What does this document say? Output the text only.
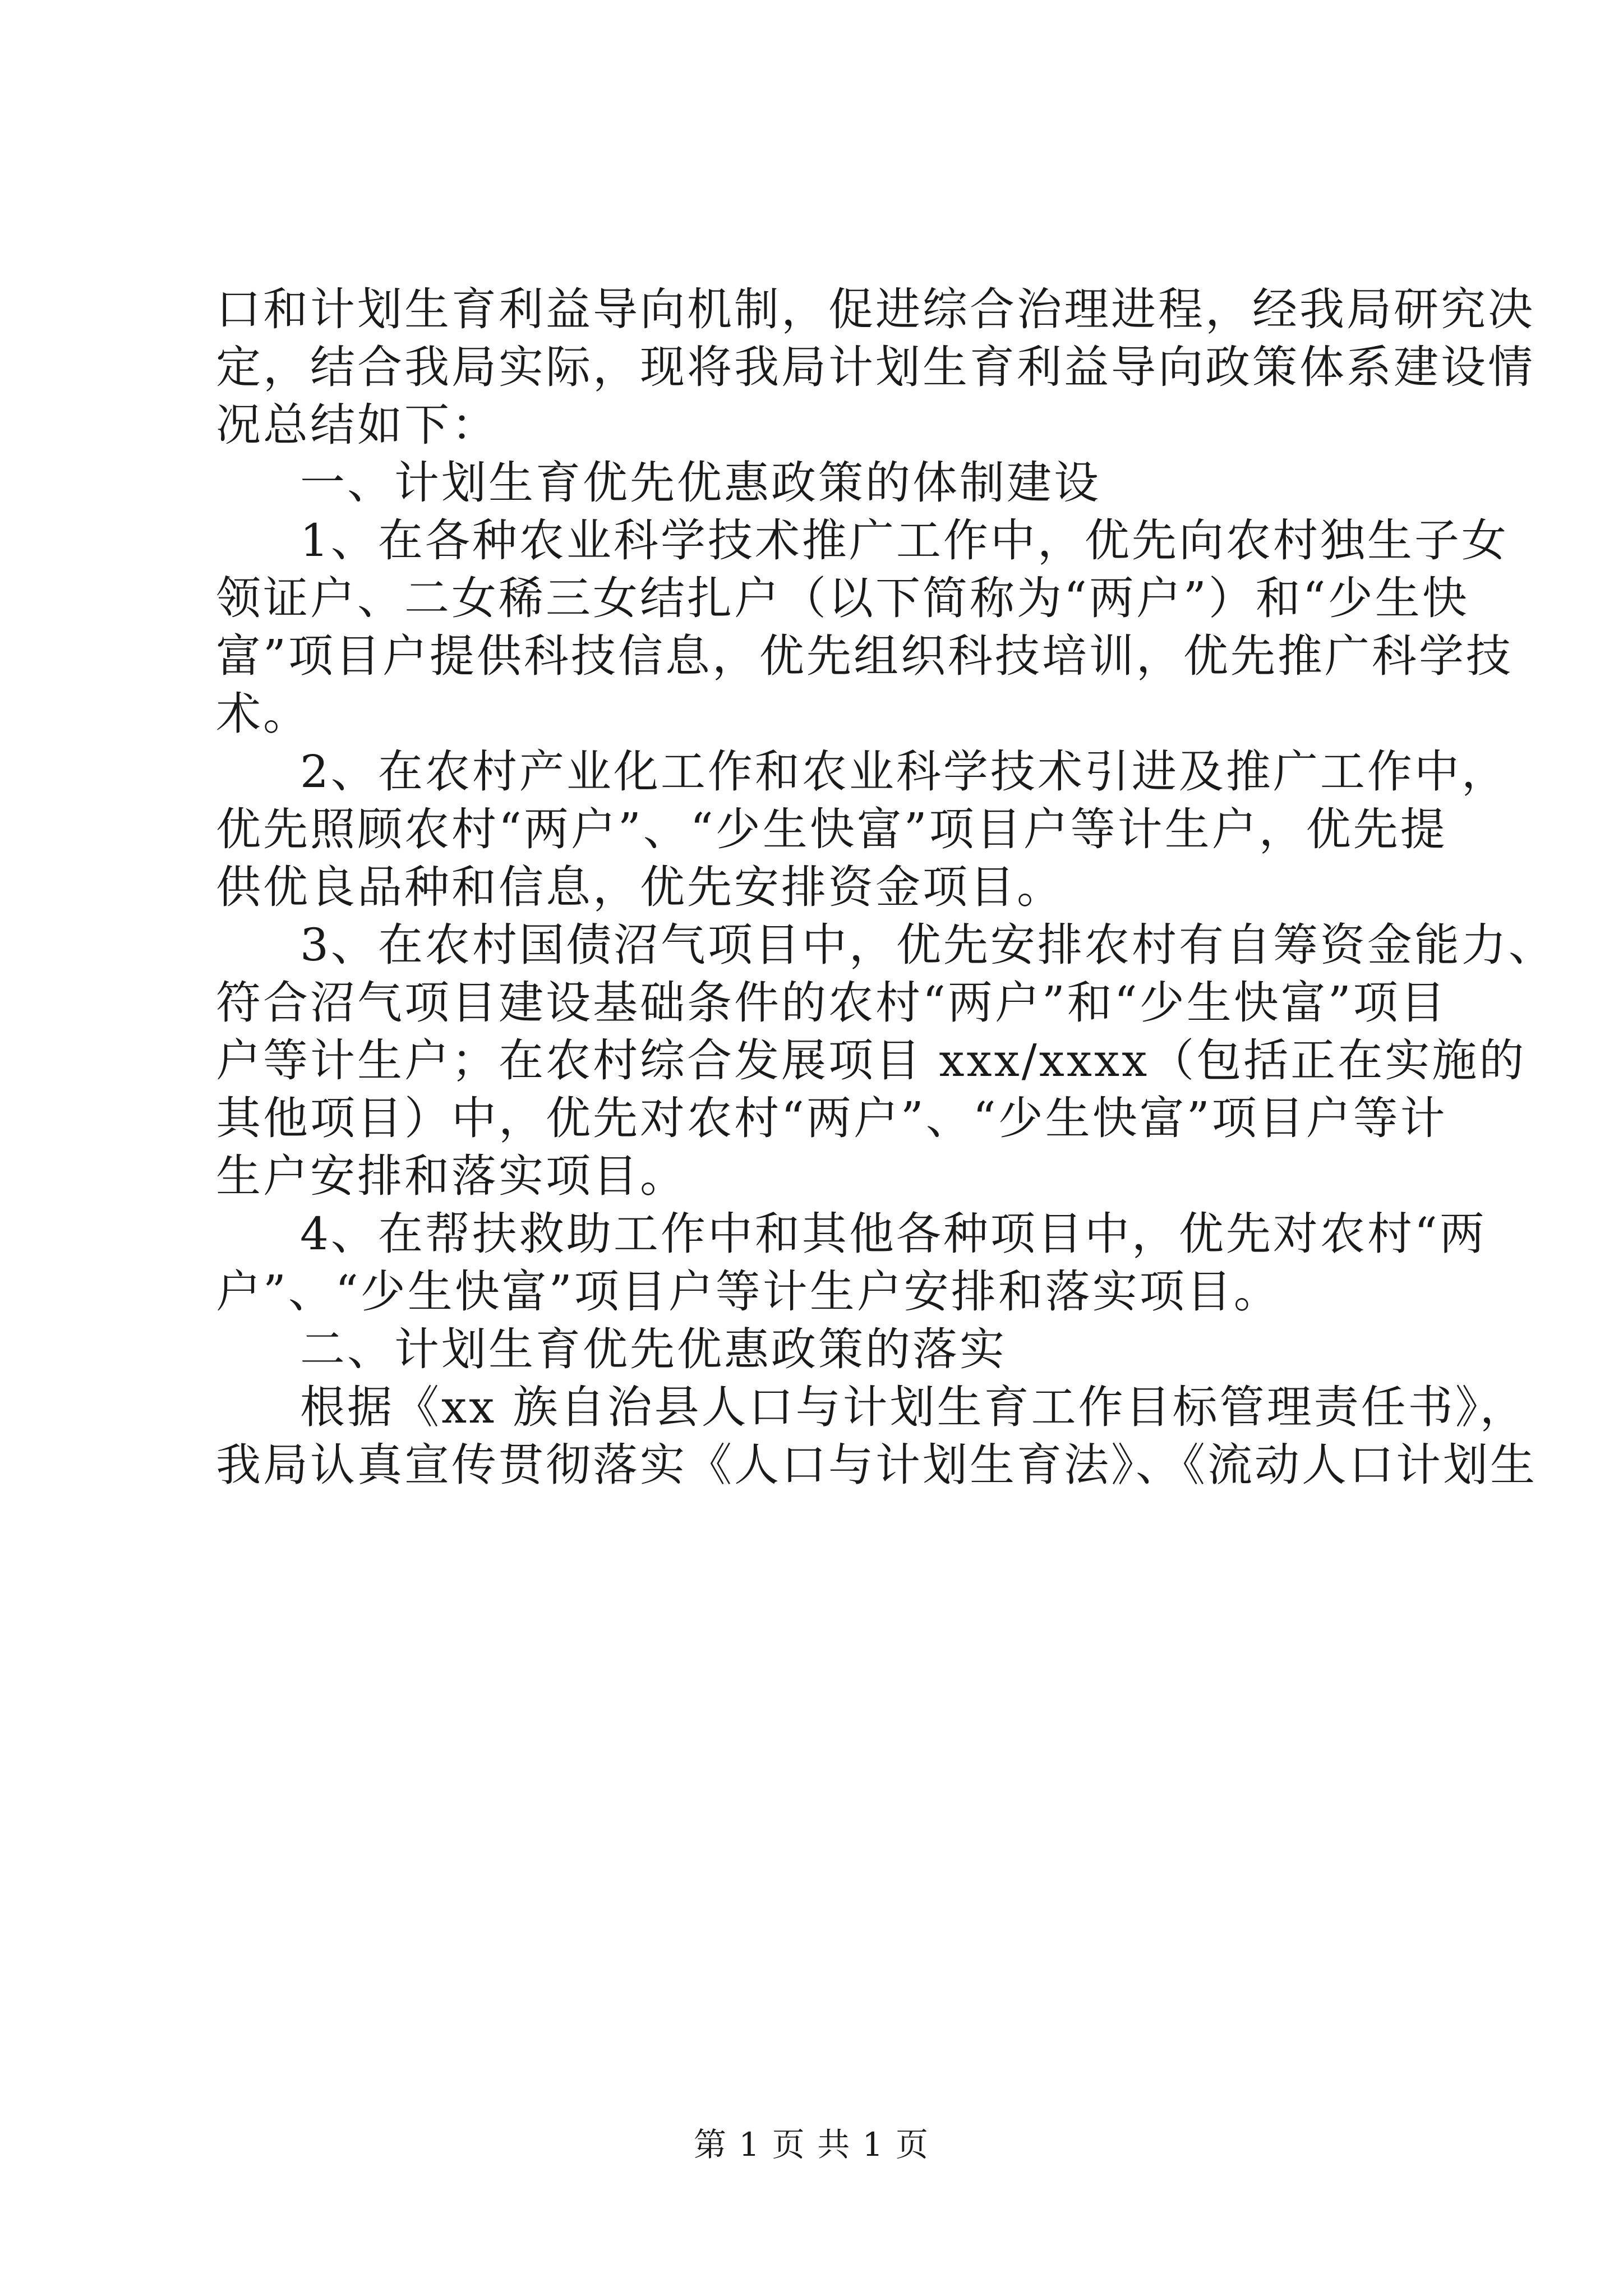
口和计划生育利益导向机制，促进综合治理进程，经我局研究决
定，结合我局实际，现将我局计划生育利益导向政策体系建设情
况总结如下：
一、计划生育优先优惠政策的体制建设
1、在各种农业科学技术推广工作中，优先向农村独生子女
领证户、二女稀三女结扎户（以下简称为“两户”）和“少生快
富”项目户提供科技信息，优先组织科技培训，优先推广科学技
术。
2、在农村产业化工作和农业科学技术引进及推广工作中，
优先照顾农村“两户”、“少生快富”项目户等计生户，优先提
供优良品种和信息，优先安排资金项目。
3、在农村国债沼气项目中，优先安排农村有自筹资金能力、
符合沼气项目建设基础条件的农村“两户”和“少生快富”项目
户等计生户；在农村综合发展项目 xxx/xxxx（包括正在实施的
其他项目）中，优先对农村“两户”、“少生快富”项目户等计
生户安排和落实项目。
4、在帮扶救助工作中和其他各种项目中，优先对农村“两
户”、“少生快富”项目户等计生户安排和落实项目。
二、计划生育优先优惠政策的落实
根据《xx 族自治县人口与计划生育工作目标管理责任书》，
我局认真宣传贯彻落实《人口与计划生育法》、《流动人口计划生
第 1 页 共 1 页
